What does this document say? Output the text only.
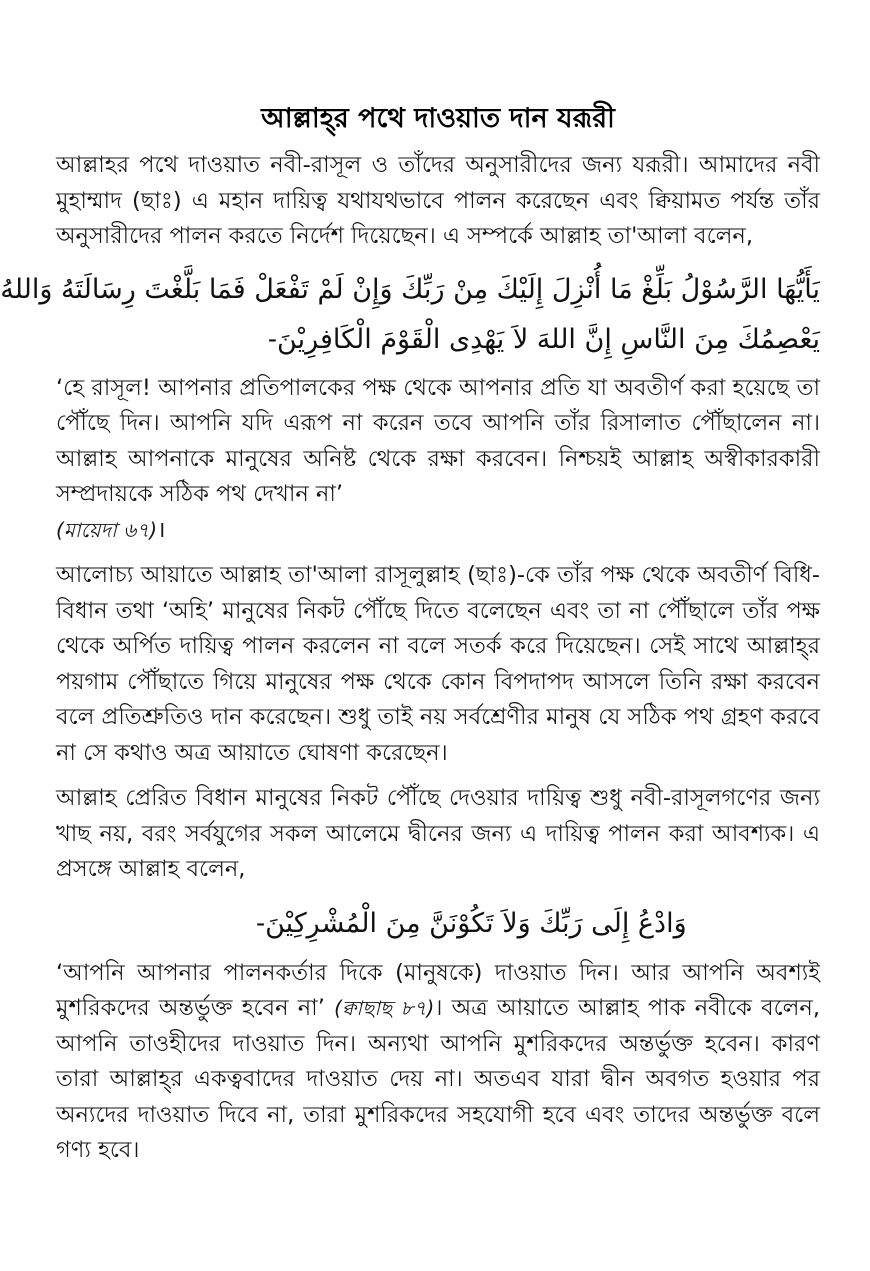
আল্লাহ্‌র পথে দাওয়াত দান যরূরী

আল্লাহর পথে দাওয়াত নবী-রাসূল ও তাঁদের অনুসারীদের জন্য যরূরী। আমাদের নবী মুহাম্মাদ (ছাঃ) এ মহান দায়িত্ব যথাযথভাবে পালন করেছেন এবং ক্বিয়ামত পর্যন্ত তাঁর অনুসারীদের পালন করতে নির্দেশ দিয়েছেন। এ সম্পর্কে আল্লাহ তা'আলা বলেন,

يَأَيُّهَا الرَّسُوْلُ بَلِّغْ مَا أُنْزِلَ إِلَيْكَ مِنْ رَبِّكَ وَإِنْ لَمْ تَفْعَلْ فَمَا بَلَّغْتَ رِسَالَتَهُ وَاللهُ
يَعْصِمُكَ مِنَ النَّاسِ إِنَّ اللهَ لاَ يَهْدِى الْقَوْمَ الْكَافِرِيْنَ-

‘হে রাসূল! আপনার প্রতিপালকের পক্ষ থেকে আপনার প্রতি যা অবতীর্ণ করা হয়েছে তা পৌঁছে দিন। আপনি যদি এরূপ না করেন তবে আপনি তাঁর রিসালাত পৌঁছালেন না। আল্লাহ আপনাকে মানুষের অনিষ্ট থেকে রক্ষা করবেন। নিশ্চয়ই আল্লাহ অস্বীকারকারী সম্প্রদায়কে সঠিক পথ দেখান না’
(মায়েদা ৬৭)।

আলোচ্য আয়াতে আল্লাহ তা'আলা রাসূলুল্লাহ (ছাঃ)-কে তাঁর পক্ষ থেকে অবতীর্ণ বিধি-বিধান তথা ‘অহি’ মানুষের নিকট পৌঁছে দিতে বলেছেন এবং তা না পৌঁছালে তাঁর পক্ষ থেকে অর্পিত দায়িত্ব পালন করলেন না বলে সতর্ক করে দিয়েছেন। সেই সাথে আল্লাহ্‌র পয়গাম পৌঁছাতে গিয়ে মানুষের পক্ষ থেকে কোন বিপদাপদ আসলে তিনি রক্ষা করবেন বলে প্রতিশ্রুতিও দান করেছেন। শুধু তাই নয় সর্বশ্রেণীর মানুষ যে সঠিক পথ গ্রহণ করবে না সে কথাও অত্র আয়াতে ঘোষণা করেছেন।

আল্লাহ প্রেরিত বিধান মানুষের নিকট পৌঁছে দেওয়ার দায়িত্ব শুধু নবী-রাসূলগণের জন্য খাছ নয়, বরং সর্বযুগের সকল আলেমে দ্বীনের জন্য এ দায়িত্ব পালন করা আবশ্যক। এ প্রসঙ্গে আল্লাহ বলেন,

وَادْعُ إِلَى رَبِّكَ وَلاَ تَكُوْنَنَّ مِنَ الْمُشْرِكِيْنَ-

‘আপনি আপনার পালনকর্তার দিকে (মানুষকে) দাওয়াত দিন। আর আপনি অবশ্যই মুশরিকদের অন্তর্ভুক্ত হবেন না’ (ক্বাছাছ ৮৭)। অত্র আয়াতে আল্লাহ পাক নবীকে বলেন, আপনি তাওহীদের দাওয়াত দিন। অন্যথা আপনি মুশরিকদের অন্তর্ভুক্ত হবেন। কারণ তারা আল্লাহ্‌র একত্ববাদের দাওয়াত দেয় না। অতএব যারা দ্বীন অবগত হওয়ার পর অন্যদের দাওয়াত দিবে না, তারা মুশরিকদের সহযোগী হবে এবং তাদের অন্তর্ভুক্ত বলে গণ্য হবে।
